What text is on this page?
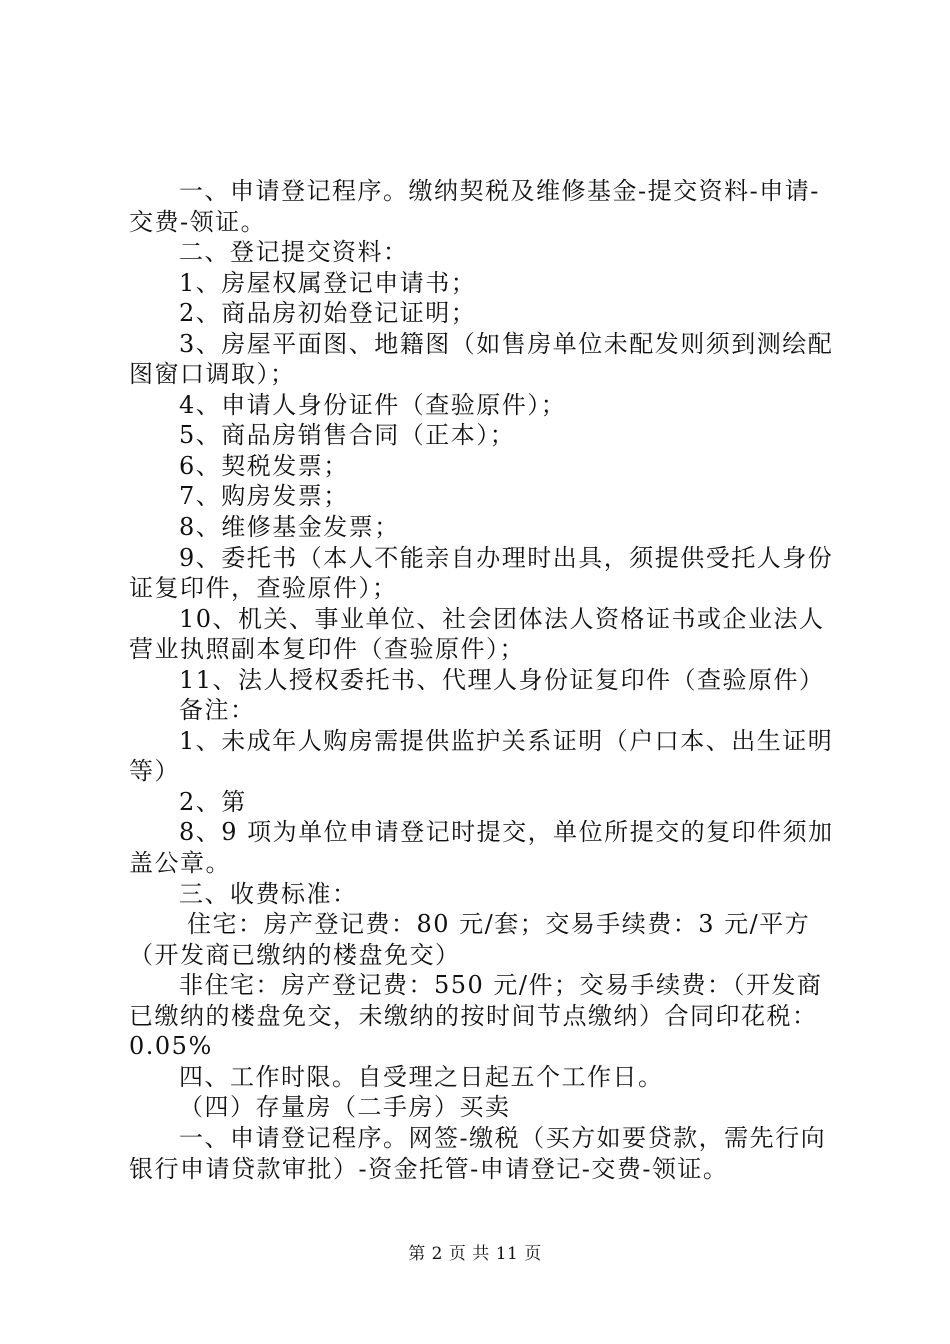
一、申请登记程序。缴纳契税及维修基金-提交资料-申请-
交费-领证。
二、登记提交资料：
1、房屋权属登记申请书；
2、商品房初始登记证明；
3、房屋平面图、地籍图（如售房单位未配发则须到测绘配
图窗口调取）；
4、申请人身份证件（查验原件）；
5、商品房销售合同（正本）；
6、契税发票；
7、购房发票；
8、维修基金发票；
9、委托书（本人不能亲自办理时出具，须提供受托人身份
证复印件，查验原件）；
10、机关、事业单位、社会团体法人资格证书或企业法人
营业执照副本复印件（查验原件）；
11、法人授权委托书、代理人身份证复印件（查验原件）
备注：
1、未成年人购房需提供监护关系证明（户口本、出生证明
等）
2、第
8、9 项为单位申请登记时提交，单位所提交的复印件须加
盖公章。
三、收费标准：
住宅：房产登记费：80 元/套；交易手续费：3 元/平方
（开发商已缴纳的楼盘免交）
非住宅：房产登记费：550 元/件；交易手续费：（开发商
已缴纳的楼盘免交，未缴纳的按时间节点缴纳）合同印花税：
0.05%
四、工作时限。自受理之日起五个工作日。
（四）存量房（二手房）买卖
一、申请登记程序。网签-缴税（买方如要贷款，需先行向
银行申请贷款审批）-资金托管-申请登记-交费-领证。
第 2 页 共 11 页
